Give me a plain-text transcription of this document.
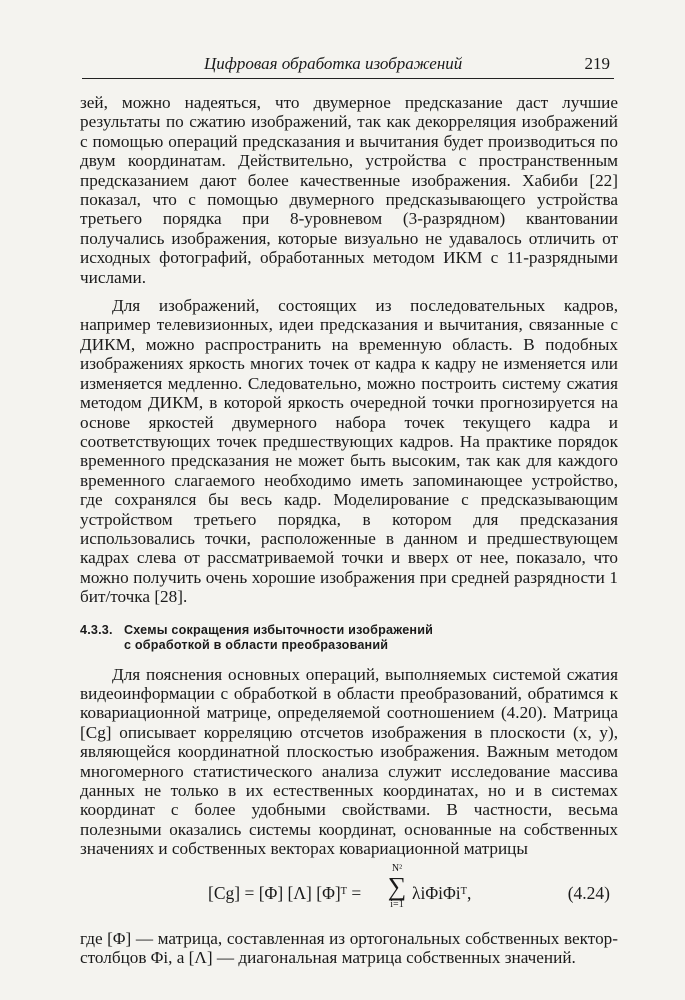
Цифровая обработка изображений	219

зей, можно надеяться, что двумерное предсказание даст лучшие результаты по сжатию изображений, так как декорреляция изображений с помощью операций предсказания и вычитания будет производиться по двум координатам. Действительно, устройства с пространственным предсказанием дают более качественные изображения. Хабиби [22] показал, что с помощью двумерного предсказывающего устройства третьего порядка при 8-уровневом (3-разрядном) квантовании получались изображения, которые визуально не удавалось отличить от исходных фотографий, обработанных методом ИКМ с 11-разрядными числами.

Для изображений, состоящих из последовательных кадров, например телевизионных, идеи предсказания и вычитания, связанные с ДИКМ, можно распространить на временную область. В подобных изображениях яркость многих точек от кадра к кадру не изменяется или изменяется медленно. Следовательно, можно построить систему сжатия методом ДИКМ, в которой яркость очередной точки прогнозируется на основе яркостей двумерного набора точек текущего кадра и соответствующих точек предшествующих кадров. На практике порядок временного предсказания не может быть высоким, так как для каждого временного слагаемого необходимо иметь запоминающее устройство, где сохранялся бы весь кадр. Моделирование с предсказывающим устройством третьего порядка, в котором для предсказания использовались точки, расположенные в данном и предшествующем кадрах слева от рассматриваемой точки и вверх от нее, показало, что можно получить очень хорошие изображения при средней разрядности 1 бит/точка [28].

4.3.3. Схемы сокращения избыточности изображений
с обработкой в области преобразований

Для пояснения основных операций, выполняемых системой сжатия видеоинформации с обработкой в области преобразований, обратимся к ковариационной матрице, определяемой соотношением (4.20). Матрица [Cg] описывает корреляцию отсчетов изображения в плоскости (x, y), являющейся координатной плоскостью изображения. Важным методом многомерного статистического анализа служит исследование массива данных не только в их естественных координатах, но и в системах координат с более удобными свойствами. В частности, весьма полезными оказались системы координат, основанные на собственных значениях и собственных векторах ковариационной матрицы

[Cg] = [Φ] [Λ] [Φ]ᵀ =
N²
∑
i=1
λiΦiΦiᵀ,	(4.24)

где [Φ] — матрица, составленная из ортогональных собственных вектор-столбцов Φi, а [Λ] — диагональная матрица собственных значений.
